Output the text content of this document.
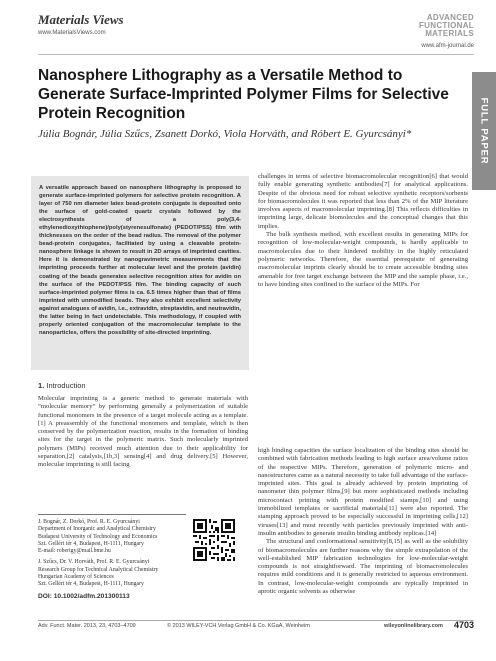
Materials Views
www.MaterialsViews.com
ADVANCED
FUNCTIONAL
MATERIALS
www.afm-journal.de
FULL PAPER
Nanosphere Lithography as a Versatile Method to Generate Surface-Imprinted Polymer Films for Selective Protein Recognition
Júlia Bognár, Júlia Szűcs, Zsanett Dorkó, Viola Horváth, and Róbert E. Gyurcsányi*
A versatile approach based on nanosphere lithography is proposed to generate surface-imprinted polymers for selective protein recognition. A layer of 750 nm diameter latex bead-protein conjugate is deposited onto the surface of gold-coated quartz crystals followed by the electrosynthesis of a poly(3,4-ethylenedioxythiophene)/poly(styrenesulfonate) (PEDOT/PSS) film with thicknesses on the order of the bead radius. The removal of the polymer bead-protein conjugates, facilitated by using a cleavable protein-nanosphere linkage is shown to result in 2D arrays of imprinted cavities. Here it is demonstrated by nanogravimetric measurements that the imprinting proceeds further at molecular level and the protein (avidin) coating of the beads generates selective recognition sites for avidin on the surface of the PEDOT/PSS film. The binding capacity of such surface-imprinted polymer films is ca. 6.5 times higher than that of films imprinted with unmodified beads. They also exhibit excellent selectivity against analogues of avidin, i.e., extravidin, streptavidin, and neutravidin, the latter being in fact undetectable. This methodology, if coupled with properly oriented conjugation of the macromolecular template to the nanoparticles, offers the possibility of site-directed imprinting.
1. Introduction

Molecular imprinting is a generic method to generate materials with “molecular memory” by performing generally a polymerization of suitable functional monomers in the presence of a target molecule acting as a template.[1] A preassembly of the functional monomers and template, which is then conserved by the polymerization reaction, results in the formation of binding sites for the target in the polymeric matrix. Such molecularly imprinted polymers (MIPs) received much attention due to their applicability for separation,[2] catalysis,[1b,3] sensing[4] and drug delivery.[5] However, molecular imprinting is still facing

challenges in terms of selective biomacromolecular recognition[6] that would fully enable generating synthetic antibodies[7] for analytical applications. Despite of the obvious need for robust selective synthetic receptors/sorbents for biomacromolecules it was reported that less than 2% of the MIP literature involves aspects of macromolecular imprinting.[8] This reflects difficulties in imprinting large, delicate biomolecules and the conceptual changes that this implies.

The bulk synthesis method, with excellent results in generating MIPs for recognition of low-molecular-weight compounds, is hardly applicable to macromolecules due to their hindered mobility in the highly reticulated polymeric networks. Therefore, the essential prerequisite of generating macromolecular imprints clearly should be to create accessible binding sites amenable for free target exchange between the MIP and the sample phase, i.e., to have binding sites confined to the surface of the MIPs. For

high binding capacities the surface localization of the binding sites should be combined with fabrication methods leading to high surface area/volume ratios of the respective MIPs. Therefore, generation of polymeric micro- and nanostructures came as a natural necessity to take full advantage of the surface-imprinted sites. This goal is already achieved by protein imprinting of nanometer thin polymer films,[9] but more sophisticated methods including microcontact printing with protein modified stamps,[10] and using immobilized templates or sacrificial materials[11] were also reported. The stamping approach proved to be especially successful in imprinting cells,[12] viruses[13] and most recently with particles previously imprinted with anti-insulin antibodies to generate insulin binding antibody replicas.[14]

The structural and conformational sensitivity[8,15] as well as the solubility of biomacromolecules are further reasons why the simple extrapolation of the well-established MIP fabrication technologies for low-molecular-weight compounds is not straightforward. The imprinting of biomacromolecules requires mild conditions and it is generally restricted to aqueous environment. In contrast, low-molecular-weight compounds are typically imprinted in aprotic organic solvents as otherwise

J. Bognár, Z. Dorkó, Prof. R. E. Gyurcsányi
Department of Inorganic and Analytical Chemistry
Budapest University of Technology and Economics
Szt. Gellért tér 4, Budapest, H-1111, Hungary
E-mail: robertgy@mail.bme.hu
J. Szűcs, Dr. V. Horváth, Prof. R. E. Gyurcsányi
Research Group for Technical Analytical Chemistry
Hungarian Academy of Sciences
Szt. Gellért tér 4, Budapest, H-1111, Hungary
DOI: 10.1002/adfm.201300113
Adv. Funct. Mater. 2013, 23, 4703–4709	© 2013 WILEY-VCH Verlag GmbH & Co. KGaA, Weinheim	wileyonlinelibrary.com 4703
